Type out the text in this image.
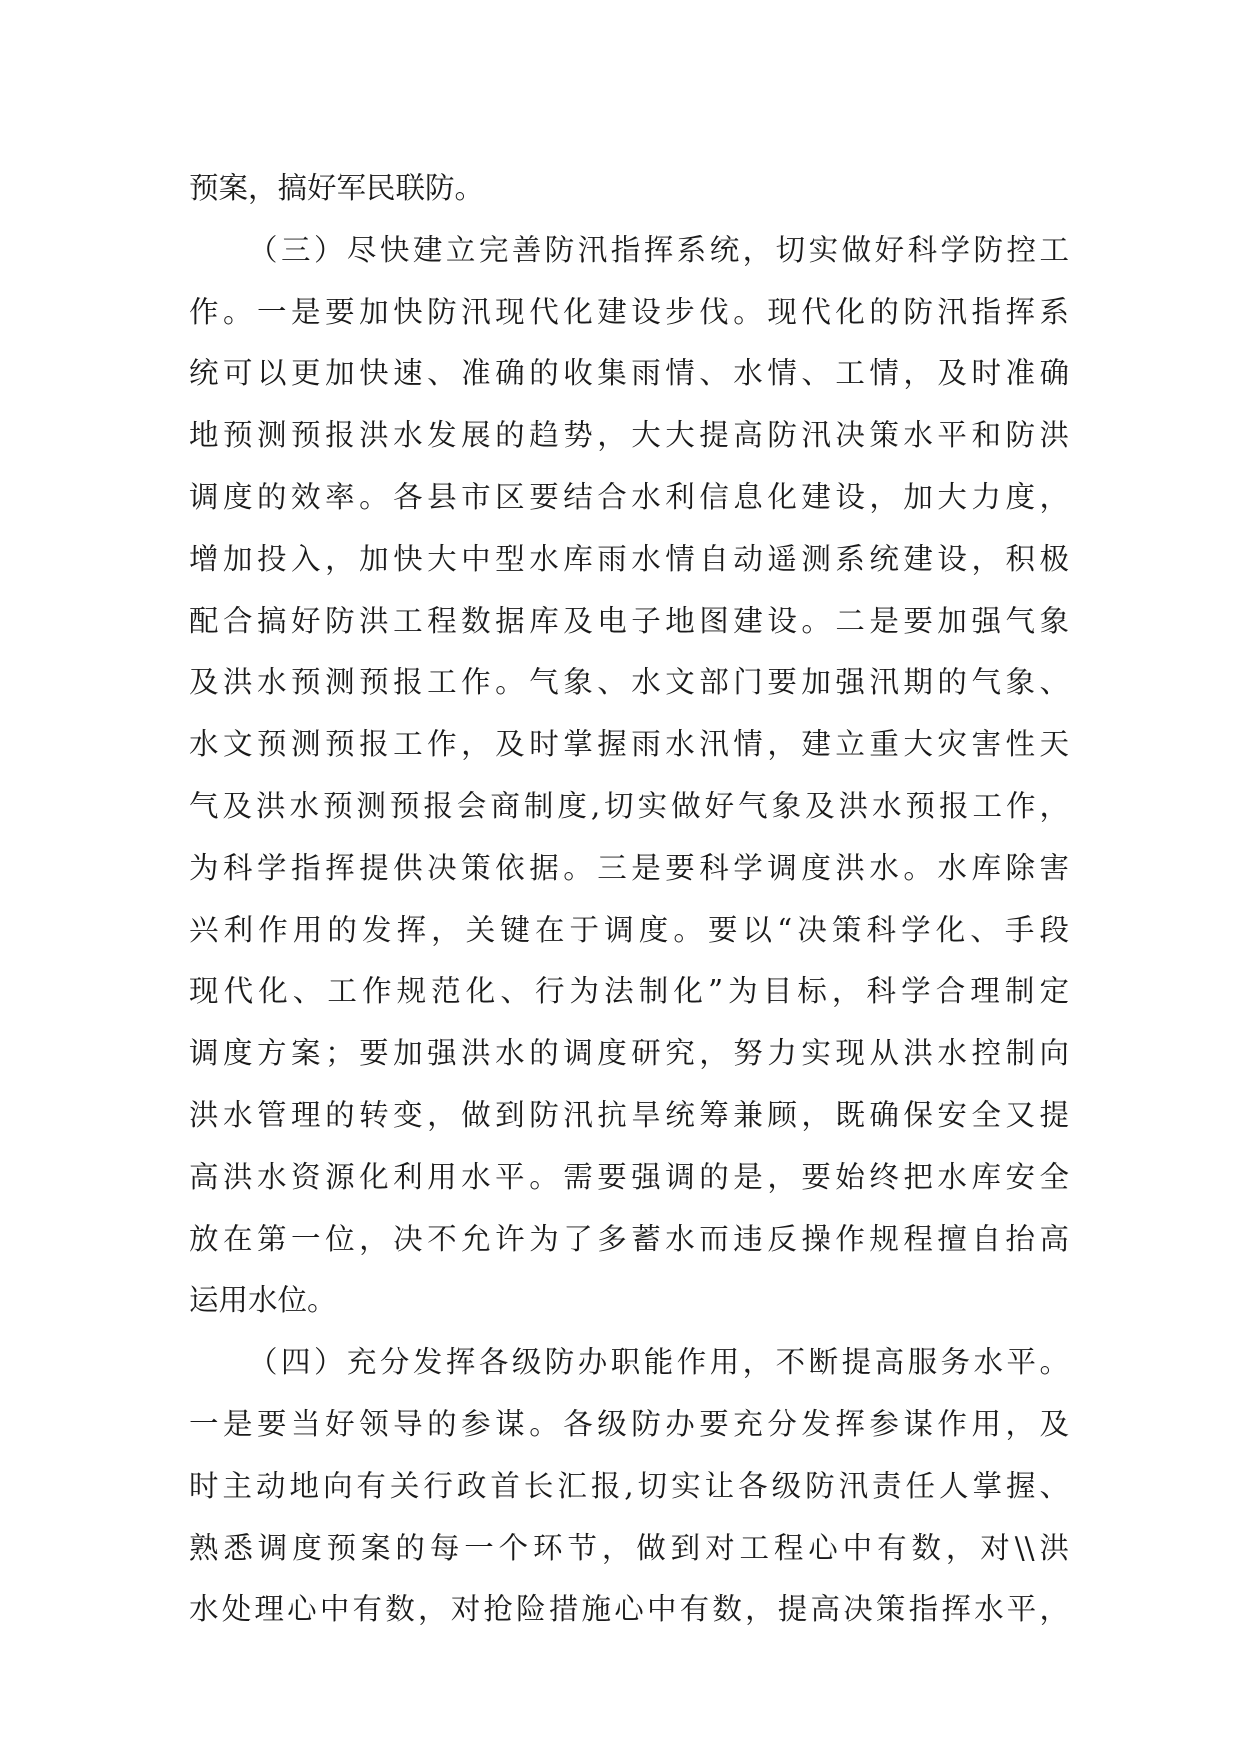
预案，搞好军民联防。
（三）尽快建立完善防汛指挥系统，切实做好科学防控工
作。一是要加快防汛现代化建设步伐。现代化的防汛指挥系
统可以更加快速、准确的收集雨情、水情、工情，及时准确
地预测预报洪水发展的趋势，大大提高防汛决策水平和防洪
调度的效率。各县市区要结合水利信息化建设，加大力度，
增加投入，加快大中型水库雨水情自动遥测系统建设，积极
配合搞好防洪工程数据库及电子地图建设。二是要加强气象
及洪水预测预报工作。气象、水文部门要加强汛期的气象、
水文预测预报工作，及时掌握雨水汛情，建立重大灾害性天
气及洪水预测预报会商制度,切实做好气象及洪水预报工作，
为科学指挥提供决策依据。三是要科学调度洪水。水库除害
兴利作用的发挥，关键在于调度。要以“决策科学化、手段
现代化、工作规范化、行为法制化”为目标，科学合理制定
调度方案；要加强洪水的调度研究，努力实现从洪水控制向
洪水管理的转变，做到防汛抗旱统筹兼顾，既确保安全又提
高洪水资源化利用水平。需要强调的是，要始终把水库安全
放在第一位，决不允许为了多蓄水而违反操作规程擅自抬高
运用水位。
（四）充分发挥各级防办职能作用，不断提高服务水平。
一是要当好领导的参谋。各级防办要充分发挥参谋作用，及
时主动地向有关行政首长汇报,切实让各级防汛责任人掌握、
熟悉调度预案的每一个环节，做到对工程心中有数，对\\洪
水处理心中有数，对抢险措施心中有数，提高决策指挥水平，
